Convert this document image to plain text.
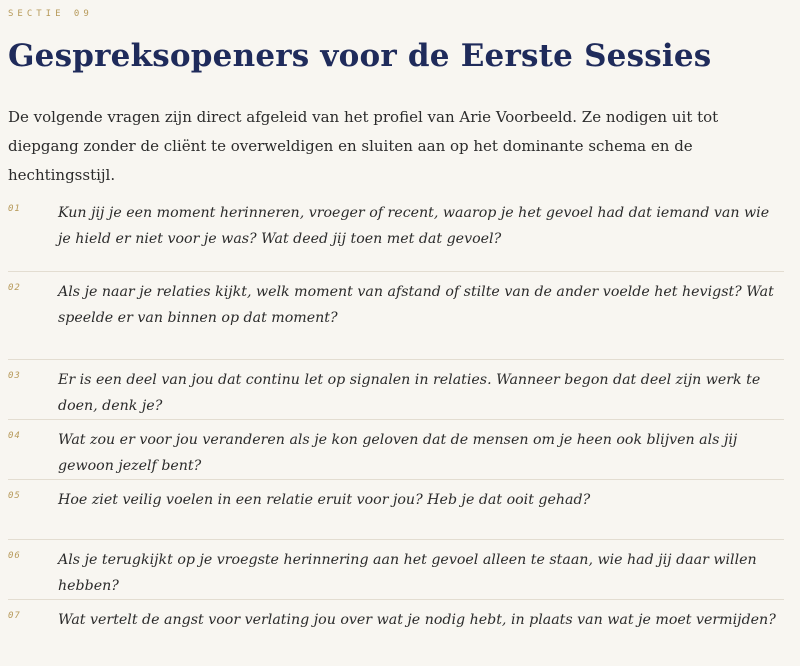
SECTIE 09
Gespreksopeners voor de Eerste Sessies

De volgende vragen zijn direct afgeleid van het profiel van Arie Voorbeeld. Ze nodigen uit tot diepgang zonder de cliënt te overweldigen en sluiten aan op het dominante schema en de hechtingsstijl.

01	Kun jij je een moment herinneren, vroeger of recent, waarop je het gevoel had dat iemand van wie je hield er niet voor je was? Wat deed jij toen met dat gevoel?

02	Als je naar je relaties kijkt, welk moment van afstand of stilte van de ander voelde het hevigst? Wat speelde er van binnen op dat moment?

03	Er is een deel van jou dat continu let op signalen in relaties. Wanneer begon dat deel zijn werk te doen, denk je?

04	Wat zou er voor jou veranderen als je kon geloven dat de mensen om je heen ook blijven als jij gewoon jezelf bent?

05	Hoe ziet veilig voelen in een relatie eruit voor jou? Heb je dat ooit gehad?

06	Als je terugkijkt op je vroegste herinnering aan het gevoel alleen te staan, wie had jij daar willen hebben?

07	Wat vertelt de angst voor verlating jou over wat je nodig hebt, in plaats van wat je moet vermijden?
